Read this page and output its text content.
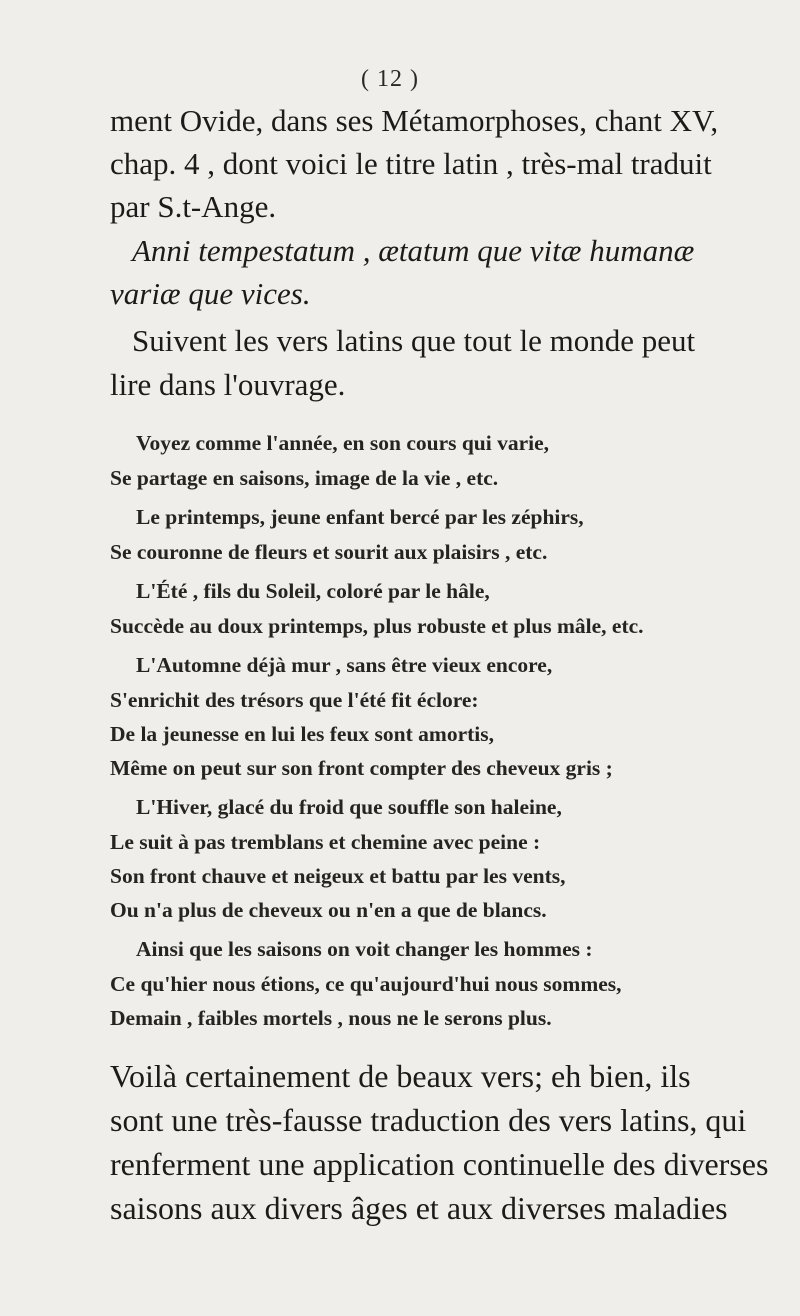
( 12 )
ment Ovide, dans ses Métamorphoses, chant XV,
chap. 4 , dont voici le titre latin , très-mal traduit
par S.t-Ange.
Anni tempestatum , ætatum que vitæ humanæ
variæ que vices.
Suivent les vers latins que tout le monde peut
lire dans l'ouvrage.
Voyez comme l'année, en son cours qui varie,
Se partage en saisons, image de la vie , etc.
Le printemps, jeune enfant bercé par les zéphirs,
Se couronne de fleurs et sourit aux plaisirs , etc.
L'Été , fils du Soleil, coloré par le hâle,
Succède au doux printemps, plus robuste et plus mâle, etc.
L'Automne déjà mur , sans être vieux encore,
S'enrichit des trésors que l'été fit éclore:
De la jeunesse en lui les feux sont amortis,
Même on peut sur son front compter des cheveux gris ;
L'Hiver, glacé du froid que souffle son haleine,
Le suit à pas tremblans et chemine avec peine :
Son front chauve et neigeux et battu par les vents,
Ou n'a plus de cheveux ou n'en a que de blancs.
Ainsi que les saisons on voit changer les hommes :
Ce qu'hier nous étions, ce qu'aujourd'hui nous sommes,
Demain , faibles mortels , nous ne le serons plus.
Voilà certainement de beaux vers; eh bien, ils
sont une très-fausse traduction des vers latins, qui
renferment une application continuelle des diverses
saisons aux divers âges et aux diverses maladies
